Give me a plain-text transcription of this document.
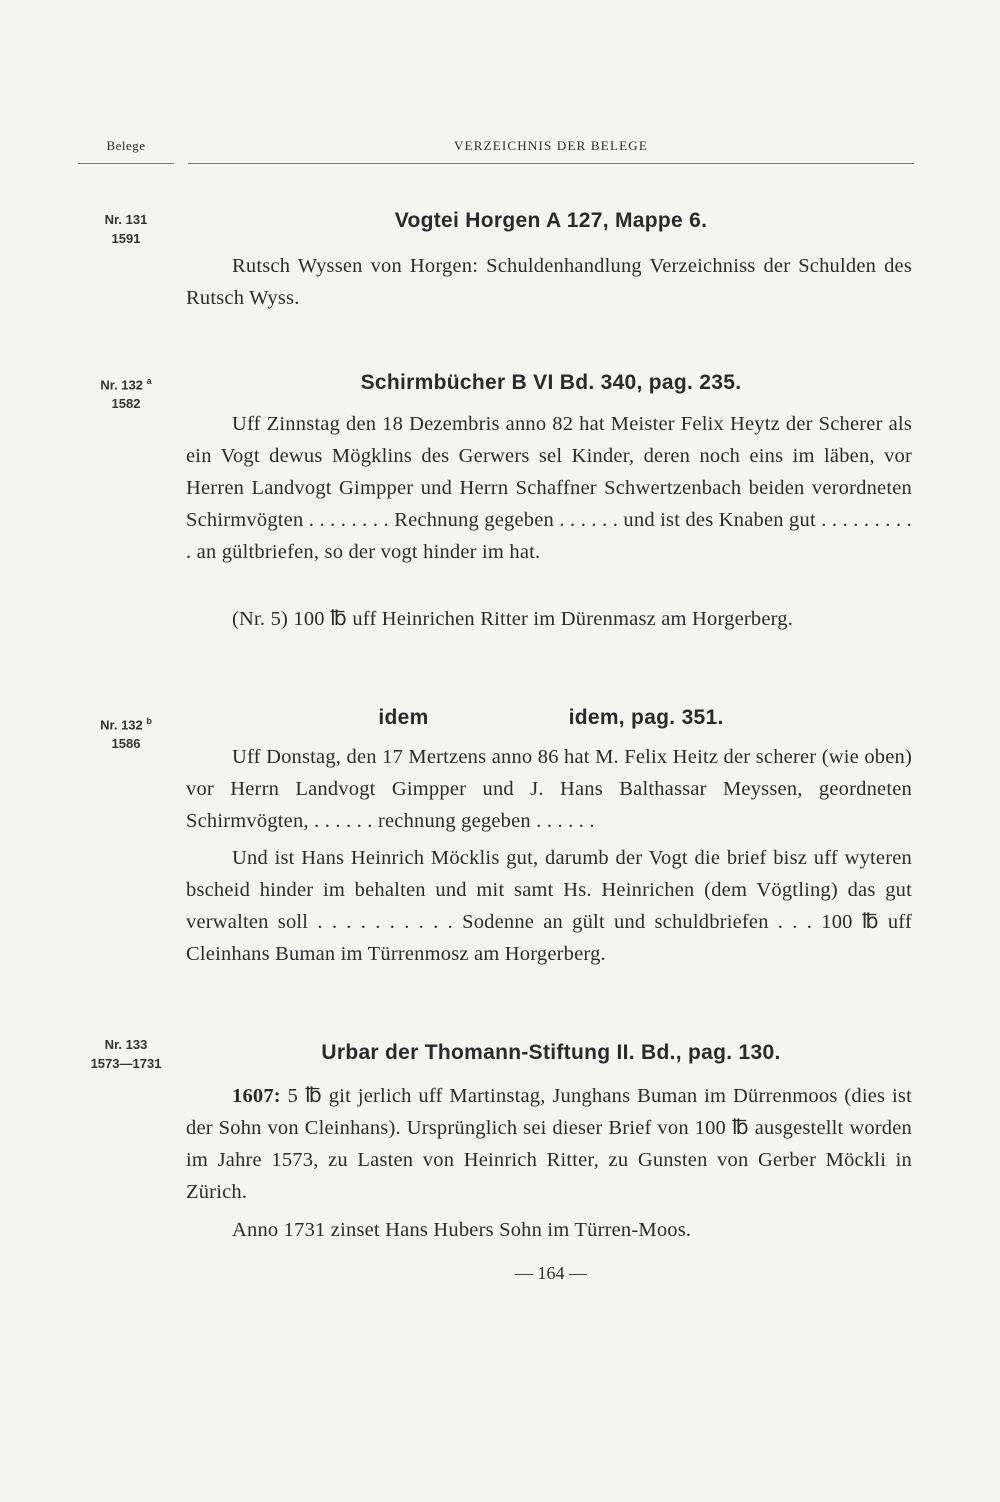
Belege	VERZEICHNIS DER BELEGE
Nr. 131
1591
Vogtei Horgen A 127, Mappe 6.
Rutsch Wyssen von Horgen: Schuldenhandlung Verzeichniss der Schulden des Rutsch Wyss.
Nr. 132 $^a$
1582
Schirmbücher B VI Bd. 340, pag. 235.
Uff Zinnstag den 18 Dezembris anno 82 hat Meister Felix Heytz der Scherer als ein Vogt dewus Mögklins des Gerwers sel Kinder, deren noch eins im läben, vor Herren Landvogt Gimpper und Herrn Schaffner Schwertzenbach beiden verordneten Schirmvögten . . . . . . . . Rechnung gegeben . . . . . . und ist des Knaben gut . . . . . . . . . . an gültbriefen, so der vogt hinder im hat.
(Nr. 5) 100 ℔ uff Heinrichen Ritter im Dürenmasz am Horgerberg.
Nr. 132 $^b$
1586
idem	idem, pag. 351.
Uff Donstag, den 17 Mertzens anno 86 hat M. Felix Heitz der scherer (wie oben) vor Herrn Landvogt Gimpper und J. Hans Balthassar Meyssen, geordneten Schirmvögten, . . . . . . rechnung gegeben . . . . . .
Und ist Hans Heinrich Möcklis gut, darumb der Vogt die brief bisz uff wyteren bscheid hinder im behalten und mit samt Hs. Heinrichen (dem Vögtling) das gut verwalten soll . . . . . . . . . . Sodenne an gült und schuldbriefen . . . 100 ℔ uff Cleinhans Buman im Türrenmosz am Horgerberg.
Nr. 133
1573—1731	Urbar der Thomann-Stiftung II. Bd., pag. 130.
1607: 5 ℔ git jerlich uff Martinstag, Junghans Buman im Dürrenmoos (dies ist der Sohn von Cleinhans). Ursprünglich sei dieser Brief von 100 ℔ ausgestellt worden im Jahre 1573, zu Lasten von Heinrich Ritter, zu Gunsten von Gerber Möckli in Zürich.
Anno 1731 zinset Hans Hubers Sohn im Türren-Moos.
— 164 —
